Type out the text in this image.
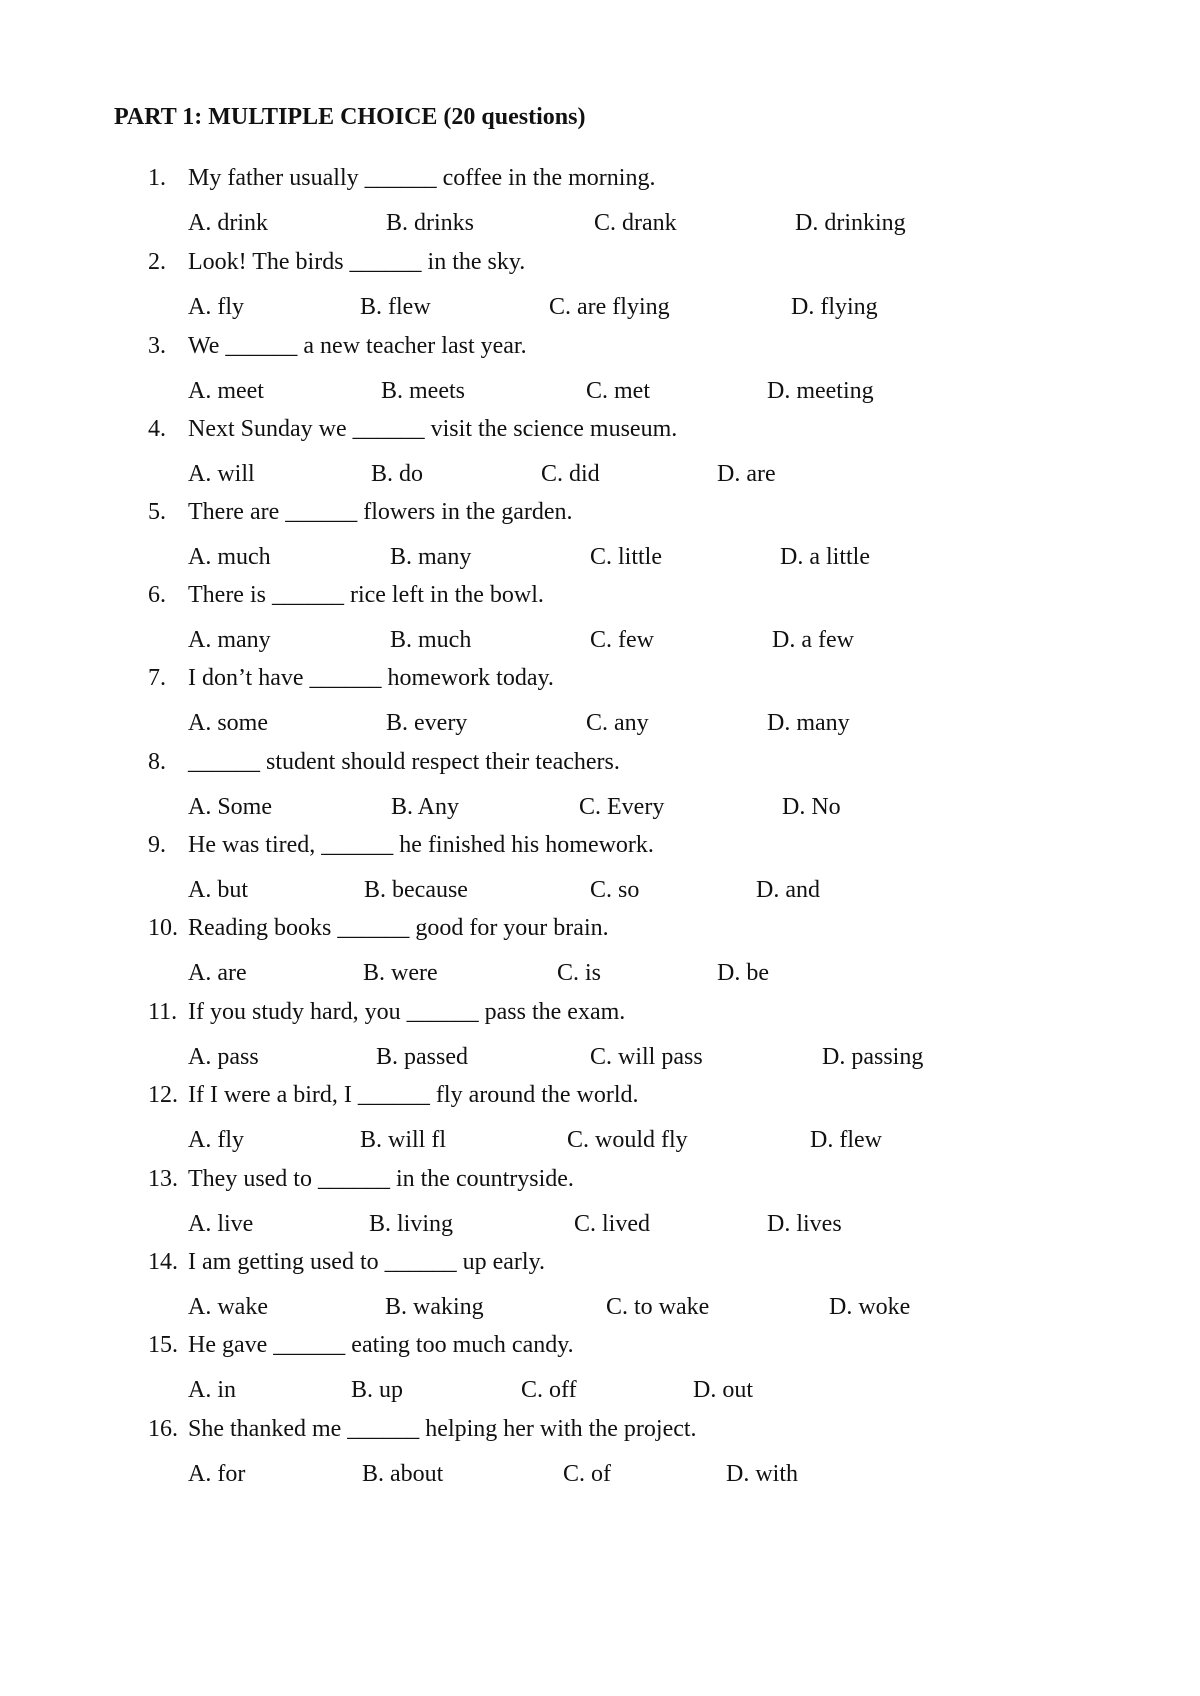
PART 1: MULTIPLE CHOICE (20 questions)
1. My father usually ______ coffee in the morning.
A. drink	B. drinks	C. drank	D. drinking
2. Look! The birds ______ in the sky.
A. fly	B. flew	C. are flying	D. flying
3. We ______ a new teacher last year.
A. meet	B. meets	C. met	D. meeting
4. Next Sunday we ______ visit the science museum.
A. will	B. do	C. did	D. are
5. There are ______ flowers in the garden.
A. much	B. many	C. little	D. a little
6. There is ______ rice left in the bowl.
A. many	B. much	C. few	D. a few
7. I don’t have ______ homework today.
A. some	B. every	C. any	D. many
8. ______ student should respect their teachers.
A. Some	B. Any	C. Every	D. No
9. He was tired, ______ he finished his homework.
A. but	B. because	C. so	D. and
10. Reading books ______ good for your brain.
A. are	B. were	C. is	D. be
11. If you study hard, you ______ pass the exam.
A. pass	B. passed	C. will pass	D. passing
12. If I were a bird, I ______ fly around the world.
A. fly	B. will fl	C. would fly	D. flew
13. They used to ______ in the countryside.
A. live	B. living	C. lived	D. lives
14. I am getting used to ______ up early.
A. wake	B. waking	C. to wake	D. woke
15. He gave ______ eating too much candy.
A. in	B. up	C. off	D. out
16. She thanked me ______ helping her with the project.
A. for	B. about	C. of	D. with
